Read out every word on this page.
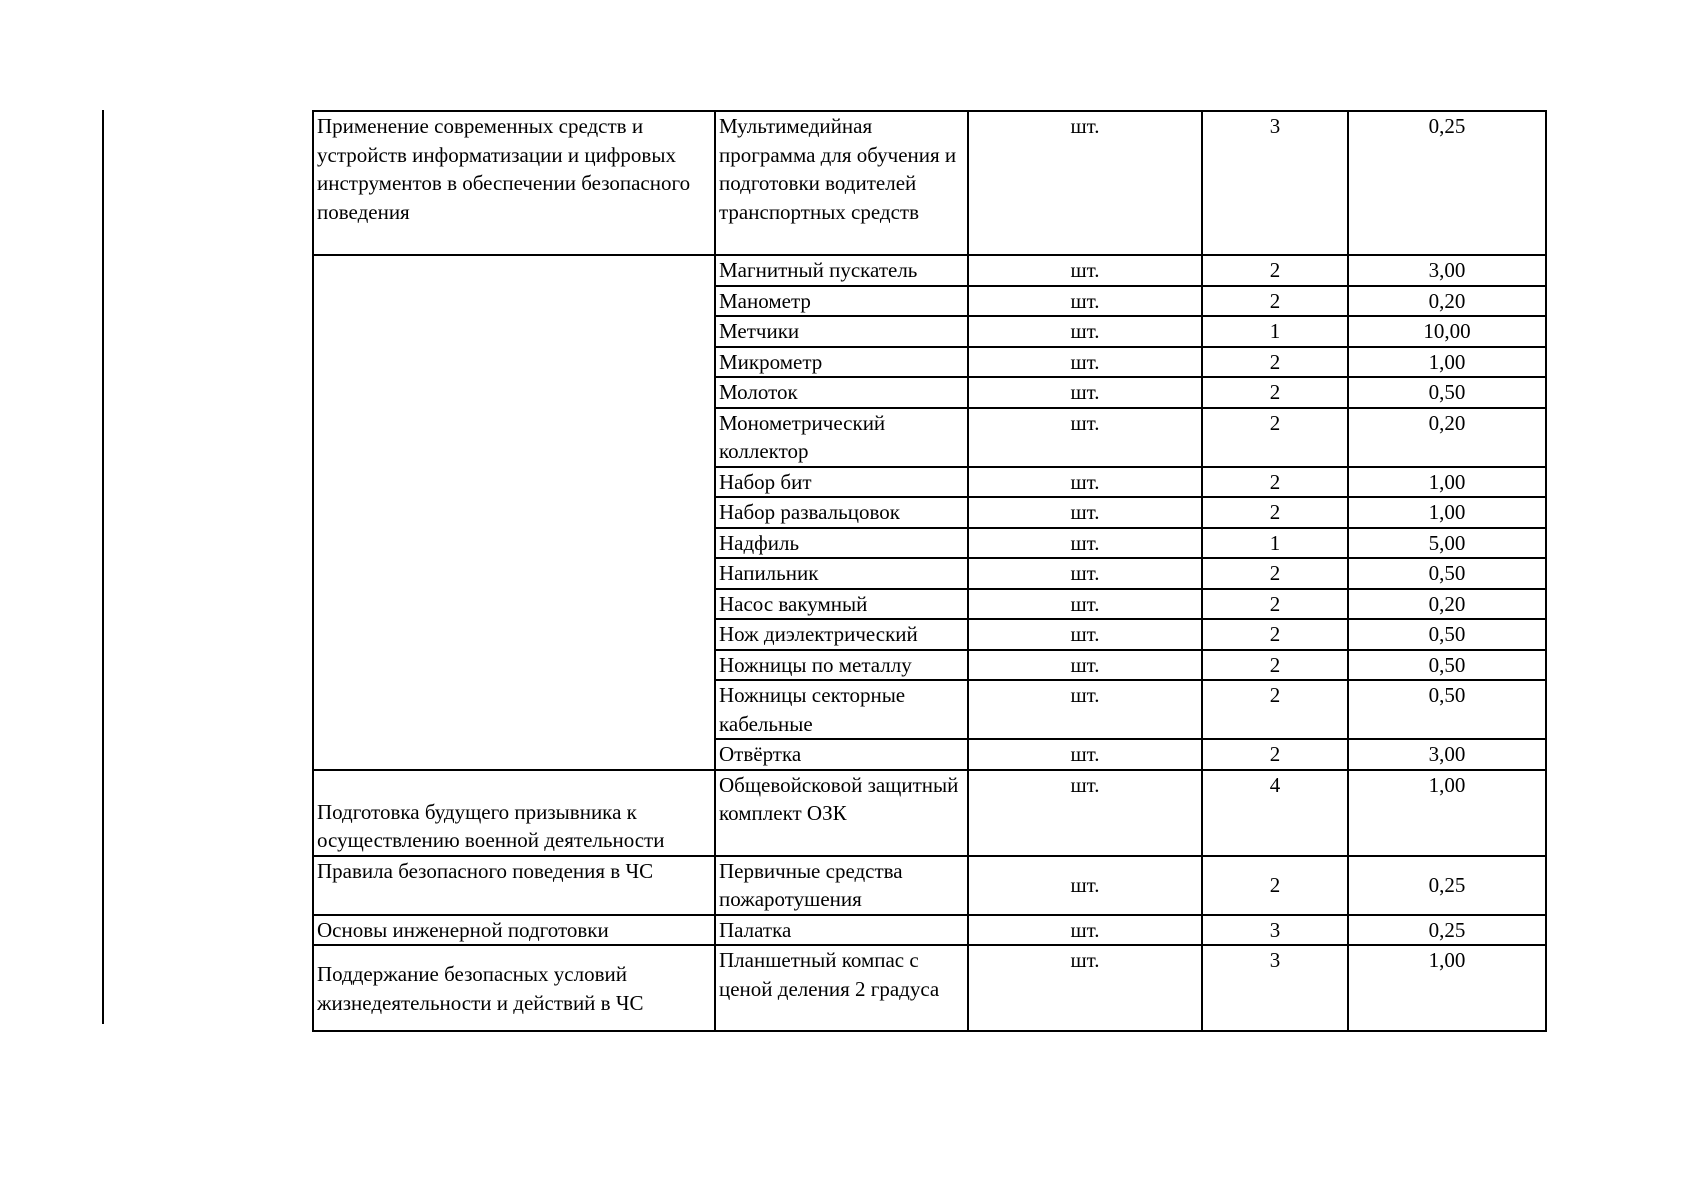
Применение современных средств и устройств информатизации и цифровых инструментов в обеспечении безопасного поведения	Мультимедийная программа для обучения и подготовки водителей транспортных средств	шт.	3	0,25
	Магнитный пускатель	шт.	2	3,00
	Манометр	шт.	2	0,20
	Метчики	шт.	1	10,00
	Микрометр	шт.	2	1,00
	Молоток	шт.	2	0,50
	Монометрический коллектор	шт.	2	0,20
	Набор бит	шт.	2	1,00
	Набор развальцовок	шт.	2	1,00
	Надфиль	шт.	1	5,00
	Напильник	шт.	2	0,50
	Насос вакумный	шт.	2	0,20
	Нож диэлектрический	шт.	2	0,50
	Ножницы по металлу	шт.	2	0,50
	Ножницы секторные кабельные	шт.	2	0,50
	Отвёртка	шт.	2	3,00
Подготовка будущего призывника к осуществлению военной деятельности	Общевойсковой защитный комплект ОЗК	шт.	4	1,00
Правила безопасного поведения в ЧС	Первичные средства пожаротушения	шт.	2	0,25
Основы инженерной подготовки	Палатка	шт.	3	0,25
Поддержание безопасных условий жизнедеятельности и действий в ЧС	Планшетный компас с ценой деления 2 градуса	шт.	3	1,00
